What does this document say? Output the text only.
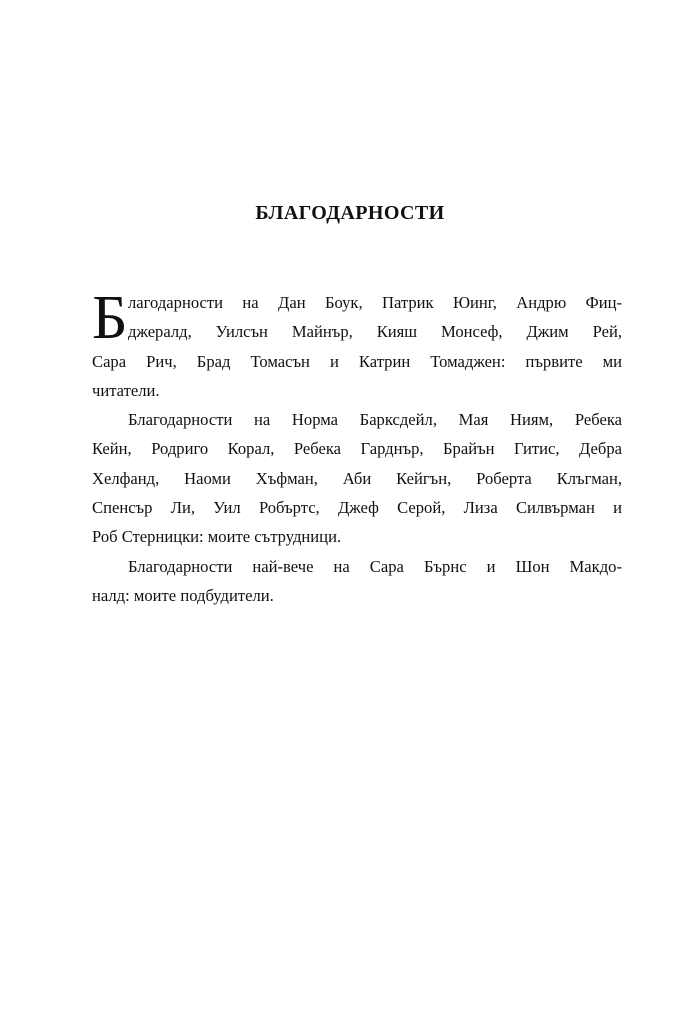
БЛАГОДАРНОСТИ
Б лагодарности на Дан Боук, Патрик Юинг, Андрю Фиц-
джералд, Уилсън Майнър, Кияш Монсеф, Джим Рей,
Сара Рич, Брад Томасън и Катрин Томаджен: първите ми
читатели.
Благодарности на Норма Барксдейл, Мая Ниям, Ребека
Кейн, Родриго Корал, Ребека Гарднър, Брайън Гитис, Дебра
Хелфанд, Наоми Хъфман, Аби Кейгън, Роберта Клъгман,
Спенсър Ли, Уил Робъртс, Джеф Серой, Лиза Силвърман и
Роб Стерницки: моите сътрудници.
Благодарности най-вече на Сара Бърнс и Шон Макдо-
налд: моите подбудители.
